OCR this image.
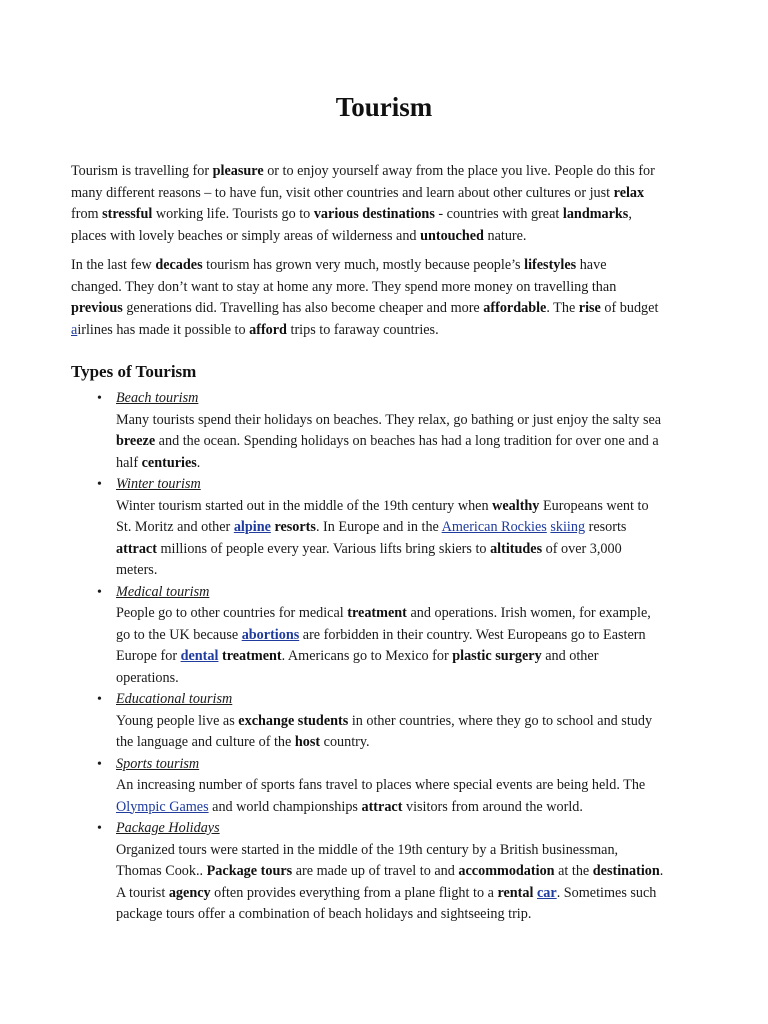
Tourism

Tourism is travelling for pleasure or to enjoy yourself away from the place you live. People do this for
many different reasons – to have fun, visit other countries and learn about other cultures or just relax
from stressful working life. Tourists go to various destinations - countries with great landmarks,
places with lovely beaches or simply areas of wilderness and untouched nature.

In the last few decades tourism has grown very much, mostly because people’s lifestyles have
changed. They don’t want to stay at home any more. They spend more money on travelling than
previous generations did. Travelling has also become cheaper and more affordable. The rise of budget
airlines has made it possible to afford trips to faraway countries.

Types of Tourism
• Beach tourism
Many tourists spend their holidays on beaches. They relax, go bathing or just enjoy the salty sea
breeze and the ocean. Spending holidays on beaches has had a long tradition for over one and a
half centuries.
• Winter tourism
Winter tourism started out in the middle of the 19th century when wealthy Europeans went to
St. Moritz and other alpine resorts. In Europe and in the American Rockies skiing resorts
attract millions of people every year. Various lifts bring skiers to altitudes of over 3,000
meters.
• Medical tourism
People go to other countries for medical treatment and operations. Irish women, for example,
go to the UK because abortions are forbidden in their country. West Europeans go to Eastern
Europe for dental treatment. Americans go to Mexico for plastic surgery and other
operations.
• Educational tourism
Young people live as exchange students in other countries, where they go to school and study
the language and culture of the host country.
• Sports tourism
An increasing number of sports fans travel to places where special events are being held. The
Olympic Games and world championships attract visitors from around the world.
• Package Holidays
Organized tours were started in the middle of the 19th century by a British businessman,
Thomas Cook.. Package tours are made up of travel to and accommodation at the destination.
A tourist agency often provides everything from a plane flight to a rental car. Sometimes such
package tours offer a combination of beach holidays and sightseeing trip.
